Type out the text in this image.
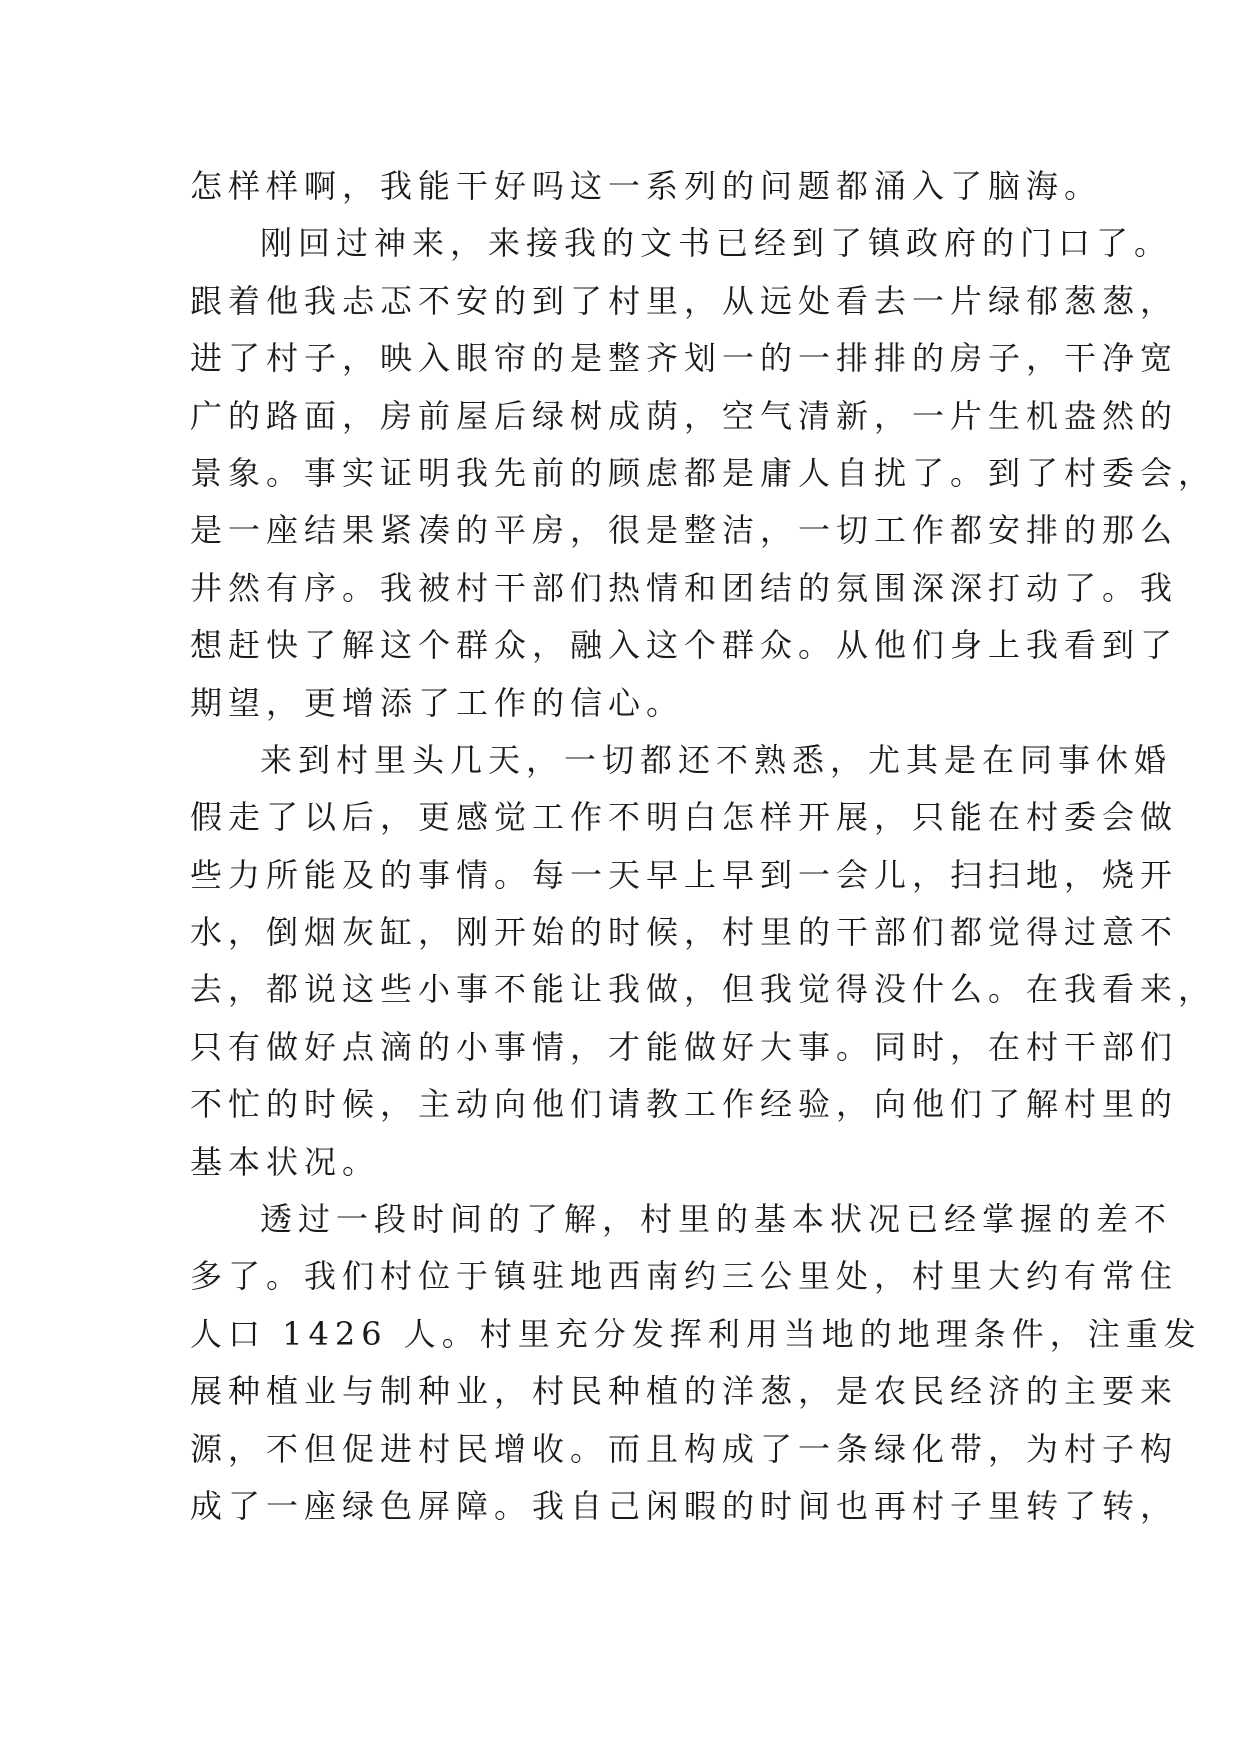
怎样样啊，我能干好吗这一系列的问题都涌入了脑海。
刚回过神来，来接我的文书已经到了镇政府的门口了。
跟着他我忐忑不安的到了村里，从远处看去一片绿郁葱葱，
进了村子，映入眼帘的是整齐划一的一排排的房子，干净宽
广的路面，房前屋后绿树成荫，空气清新，一片生机盎然的
景象。事实证明我先前的顾虑都是庸人自扰了。到了村委会，
是一座结果紧凑的平房，很是整洁，一切工作都安排的那么
井然有序。我被村干部们热情和团结的氛围深深打动了。我
想赶快了解这个群众，融入这个群众。从他们身上我看到了
期望，更增添了工作的信心。
来到村里头几天，一切都还不熟悉，尤其是在同事休婚
假走了以后，更感觉工作不明白怎样开展，只能在村委会做
些力所能及的事情。每一天早上早到一会儿，扫扫地，烧开
水，倒烟灰缸，刚开始的时候，村里的干部们都觉得过意不
去，都说这些小事不能让我做，但我觉得没什么。在我看来，
只有做好点滴的小事情，才能做好大事。同时，在村干部们
不忙的时候，主动向他们请教工作经验，向他们了解村里的
基本状况。
透过一段时间的了解，村里的基本状况已经掌握的差不
多了。我们村位于镇驻地西南约三公里处，村里大约有常住
人口 1426 人。村里充分发挥利用当地的地理条件，注重发
展种植业与制种业，村民种植的洋葱，是农民经济的主要来
源，不但促进村民增收。而且构成了一条绿化带，为村子构
成了一座绿色屏障。我自己闲暇的时间也再村子里转了转，
